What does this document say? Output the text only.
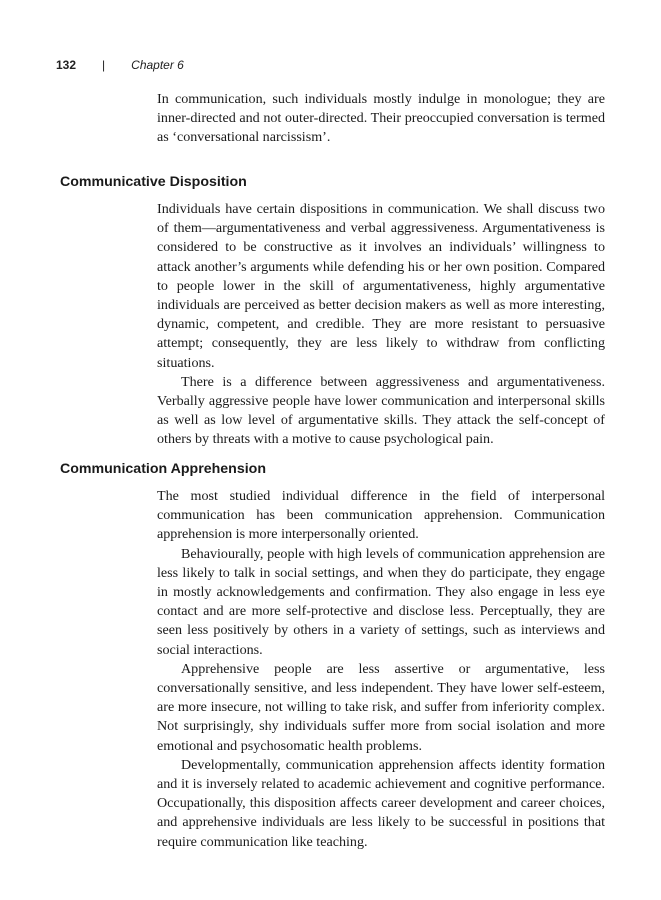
132 | Chapter 6

In communication, such individuals mostly indulge in monologue; they are inner-directed and not outer-directed. Their preoccupied conversation is termed as ‘conversational narcissism’.

Communicative Disposition

Individuals have certain dispositions in communication. We shall discuss two of them—argumentativeness and verbal aggressiveness. Argumentativeness is considered to be constructive as it involves an individuals’ willingness to attack another’s arguments while defending his or her own position. Compared to people lower in the skill of argumentativeness, highly argumentative individuals are perceived as better decision makers as well as more interesting, dynamic, competent, and credible. They are more resistant to persuasive attempt; consequently, they are less likely to withdraw from conflicting situations.

There is a difference between aggressiveness and argumentativeness. Verbally aggressive people have lower communication and interpersonal skills as well as low level of argumentative skills. They attack the self-concept of others by threats with a motive to cause psychological pain.

Communication Apprehension

The most studied individual difference in the field of interpersonal communication has been communication apprehension. Communication apprehension is more interpersonally oriented.

Behaviourally, people with high levels of communication apprehension are less likely to talk in social settings, and when they do participate, they engage in mostly acknowledgements and confirmation. They also engage in less eye contact and are more self-protective and disclose less. Perceptually, they are seen less positively by others in a variety of settings, such as interviews and social interactions.

Apprehensive people are less assertive or argumentative, less conversationally sensitive, and less independent. They have lower self-esteem, are more insecure, not willing to take risk, and suffer from inferiority complex. Not surprisingly, shy individuals suffer more from social isolation and more emotional and psychosomatic health problems.

Developmentally, communication apprehension affects identity formation and it is inversely related to academic achievement and cognitive performance. Occupationally, this disposition affects career development and career choices, and apprehensive individuals are less likely to be successful in positions that require communication like teaching.
